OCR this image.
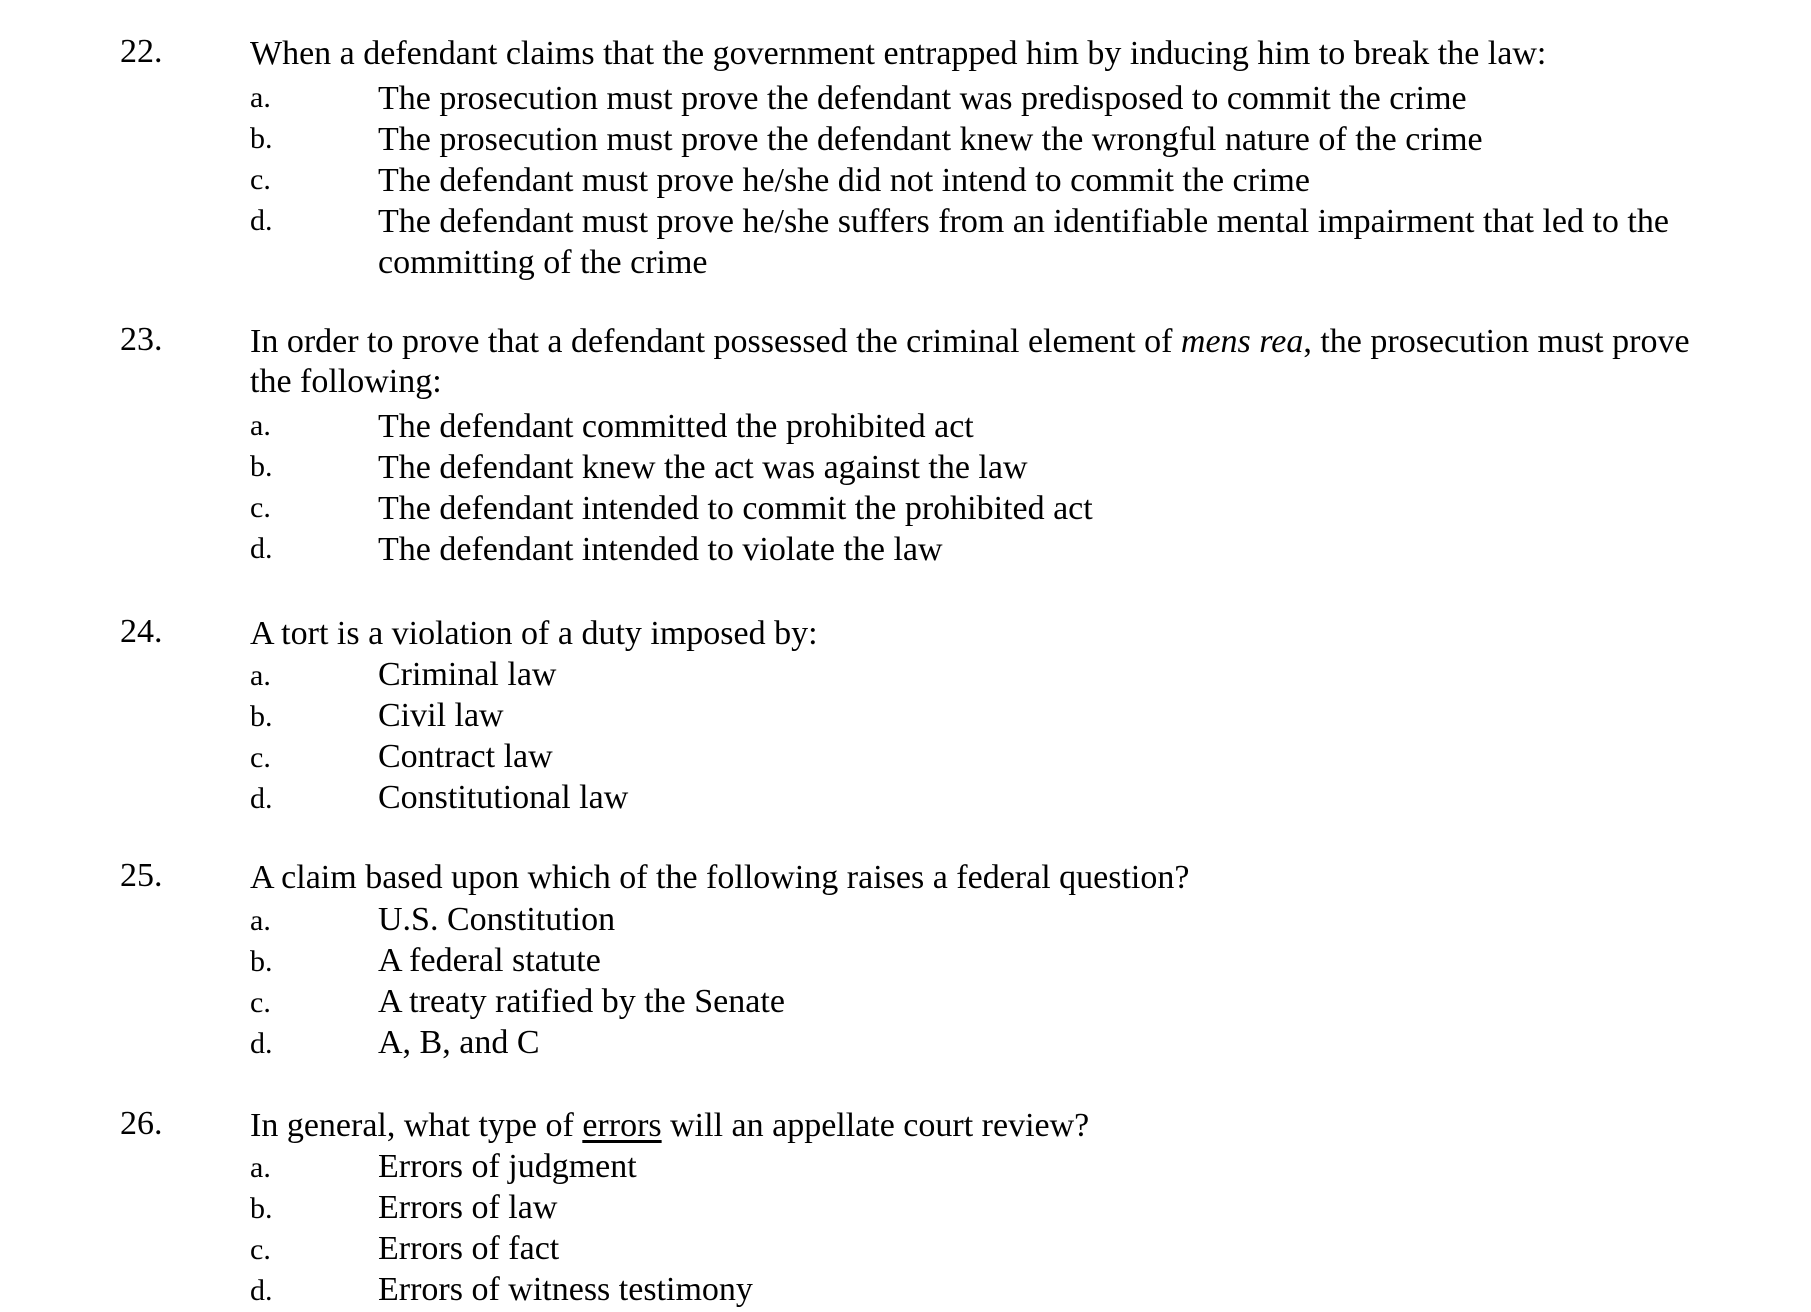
22.	When a defendant claims that the government entrapped him by inducing him to break the law:
a.	The prosecution must prove the defendant was predisposed to commit the crime
b.	The prosecution must prove the defendant knew the wrongful nature of the crime
c.	The defendant must prove he/she did not intend to commit the crime
d.	The defendant must prove he/she suffers from an identifiable mental impairment that led to the committing of the crime
23.	In order to prove that a defendant possessed the criminal element of mens rea, the prosecution must prove the following:
a.	The defendant committed the prohibited act
b.	The defendant knew the act was against the law
c.	The defendant intended to commit the prohibited act
d.	The defendant intended to violate the law
24.	A tort is a violation of a duty imposed by:
a.	Criminal law
b.	Civil law
c.	Contract law
d.	Constitutional law
25.	A claim based upon which of the following raises a federal question?
a.	U.S. Constitution
b.	A federal statute
c.	A treaty ratified by the Senate
d.	A, B, and C
26.	In general, what type of errors will an appellate court review?
a.	Errors of judgment
b.	Errors of law
c.	Errors of fact
d.	Errors of witness testimony
